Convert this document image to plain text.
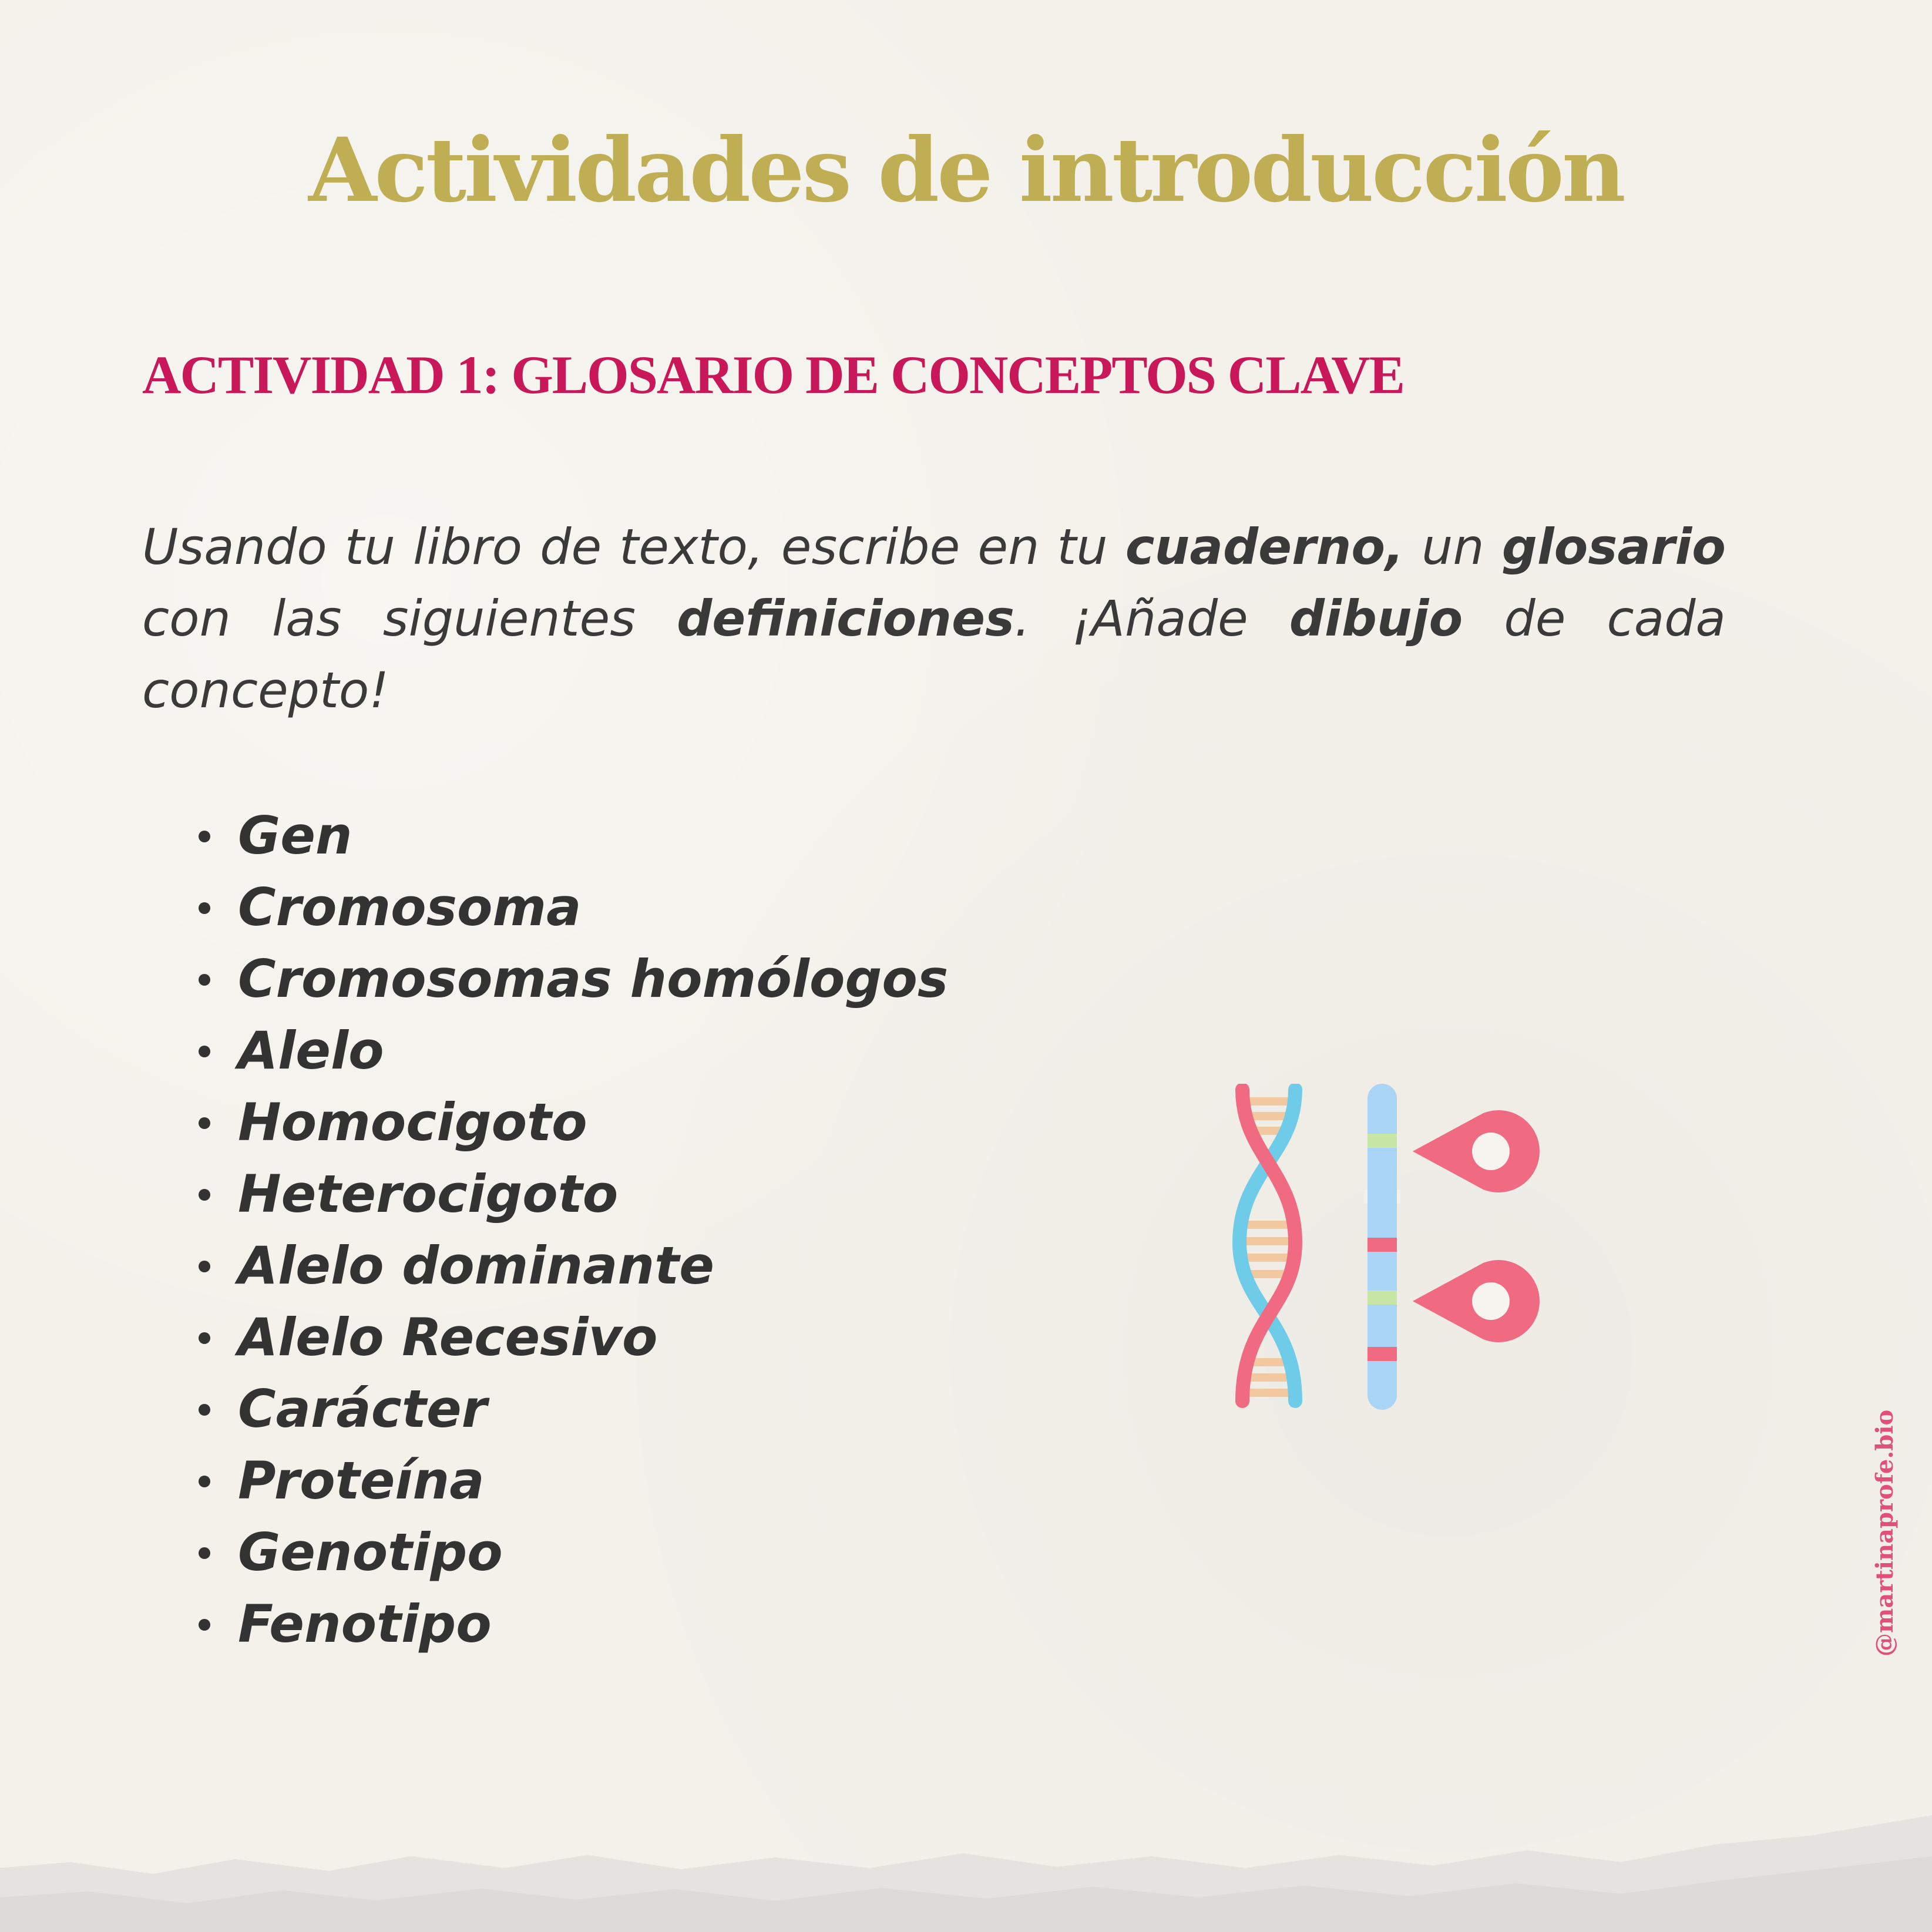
Actividades de introducción
ACTIVIDAD 1: GLOSARIO DE CONCEPTOS CLAVE

Usando tu libro de texto, escribe en tu cuaderno, un glosario con las siguientes definiciones. ¡Añade dibujo de cada concepto!

Gen
Cromosoma
Cromosomas homólogos
Alelo
Homocigoto
Heterocigoto
Alelo dominante
Alelo Recesivo
Carácter
Proteína
Genotipo
Fenotipo	@martinaprofe.bio
